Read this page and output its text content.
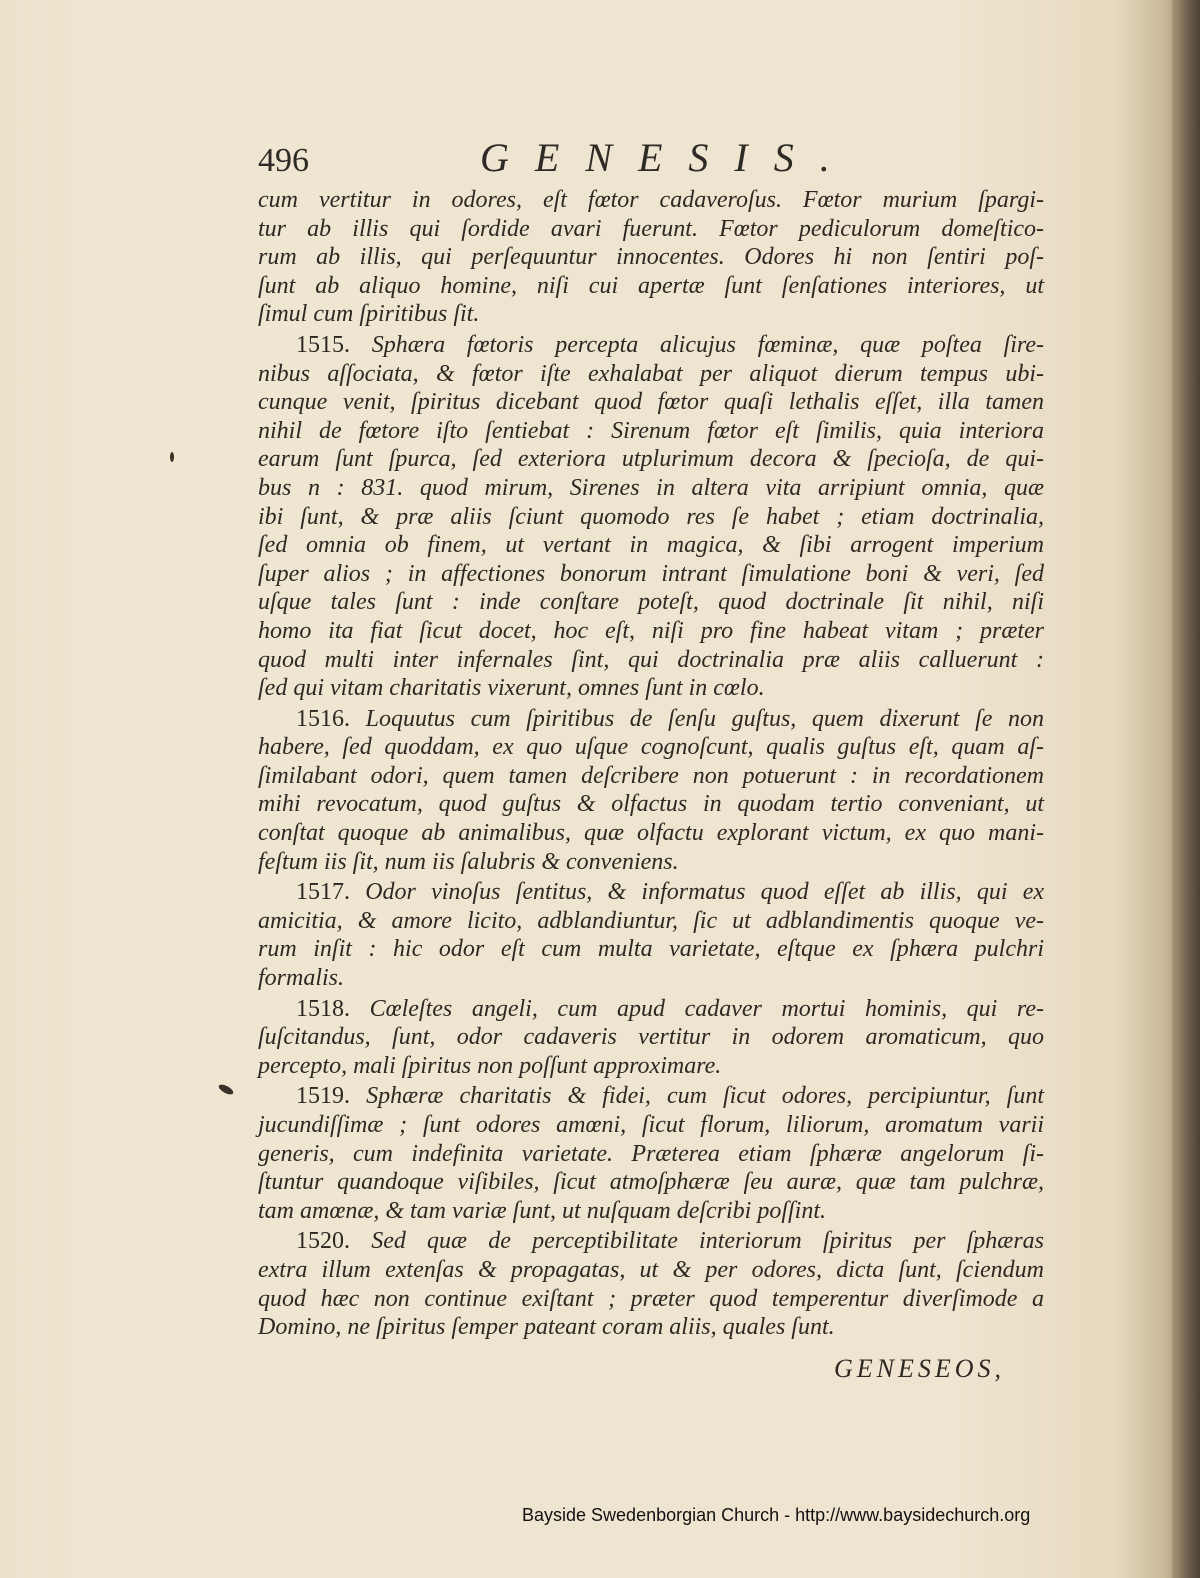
496	GENESIS.
cum vertitur in odores, eſt fœtor cadaveroſus. Fœtor murium ſpargi-
tur ab illis qui ſordide avari fuerunt. Fœtor pediculorum domeſtico-
rum ab illis, qui perſequuntur innocentes. Odores hi non ſentiri poſ-
ſunt ab aliquo homine, niſi cui apertæ ſunt ſenſationes interiores, ut
ſimul cum ſpiritibus ſit.
1515. Sphæra fœtoris percepta alicujus fœminæ, quæ poſtea ſire-
nibus aſſociata, & fœtor iſte exhalabat per aliquot dierum tempus ubi-
cunque venit, ſpiritus dicebant quod fœtor quaſi lethalis eſſet, illa tamen
nihil de fœtore iſto ſentiebat : Sirenum fœtor eſt ſimilis, quia interiora
earum ſunt ſpurca, ſed exteriora utplurimum decora & ſpecioſa, de qui-
bus n : 831. quod mirum, Sirenes in altera vita arripiunt omnia, quæ
ibi ſunt, & præ aliis ſciunt quomodo res ſe habet ; etiam doctrinalia,
ſed omnia ob finem, ut vertant in magica, & ſibi arrogent imperium
ſuper alios ; in affectiones bonorum intrant ſimulatione boni & veri, ſed
uſque tales ſunt : inde conſtare poteſt, quod doctrinale ſit nihil, niſi
homo ita fiat ſicut docet, hoc eſt, niſi pro fine habeat vitam ; præter
quod multi inter infernales ſint, qui doctrinalia præ aliis calluerunt :
ſed qui vitam charitatis vixerunt, omnes ſunt in cœlo.
1516. Loquutus cum ſpiritibus de ſenſu guſtus, quem dixerunt ſe non
habere, ſed quoddam, ex quo uſque cognoſcunt, qualis guſtus eſt, quam aſ-
ſimilabant odori, quem tamen deſcribere non potuerunt : in recordationem
mihi revocatum, quod guſtus & olfactus in quodam tertio conveniant, ut
conſtat quoque ab animalibus, quæ olfactu explorant victum, ex quo mani-
feſtum iis ſit, num iis ſalubris & conveniens.
1517. Odor vinoſus ſentitus, & informatus quod eſſet ab illis, qui ex
amicitia, & amore licito, adblandiuntur, ſic ut adblandimentis quoque ve-
rum inſit : hic odor eſt cum multa varietate, eſtque ex ſphæra pulchri
formalis.
1518. Cœleſtes angeli, cum apud cadaver mortui hominis, qui re-
ſuſcitandus, ſunt, odor cadaveris vertitur in odorem aromaticum, quo
percepto, mali ſpiritus non poſſunt approximare.
1519. Sphæræ charitatis & fidei, cum ſicut odores, percipiuntur, ſunt
jucundiſſimæ ; ſunt odores amœni, ſicut florum, liliorum, aromatum varii
generis, cum indefinita varietate. Præterea etiam ſphæræ angelorum ſi-
ſtuntur quandoque viſibiles, ſicut atmoſphæræ ſeu auræ, quæ tam pulchræ,
tam amœnæ, & tam variæ ſunt, ut nuſquam deſcribi poſſint.
1520. Sed quæ de perceptibilitate interiorum ſpiritus per ſphæras
extra illum extenſas & propagatas, ut & per odores, dicta ſunt, ſciendum
quod hæc non continue exiſtant ; præter quod temperentur diverſimode a
Domino, ne ſpiritus ſemper pateant coram aliis, quales ſunt.
GENESEOS,
Bayside Swedenborgian Church - http://www.baysidechurch.org
